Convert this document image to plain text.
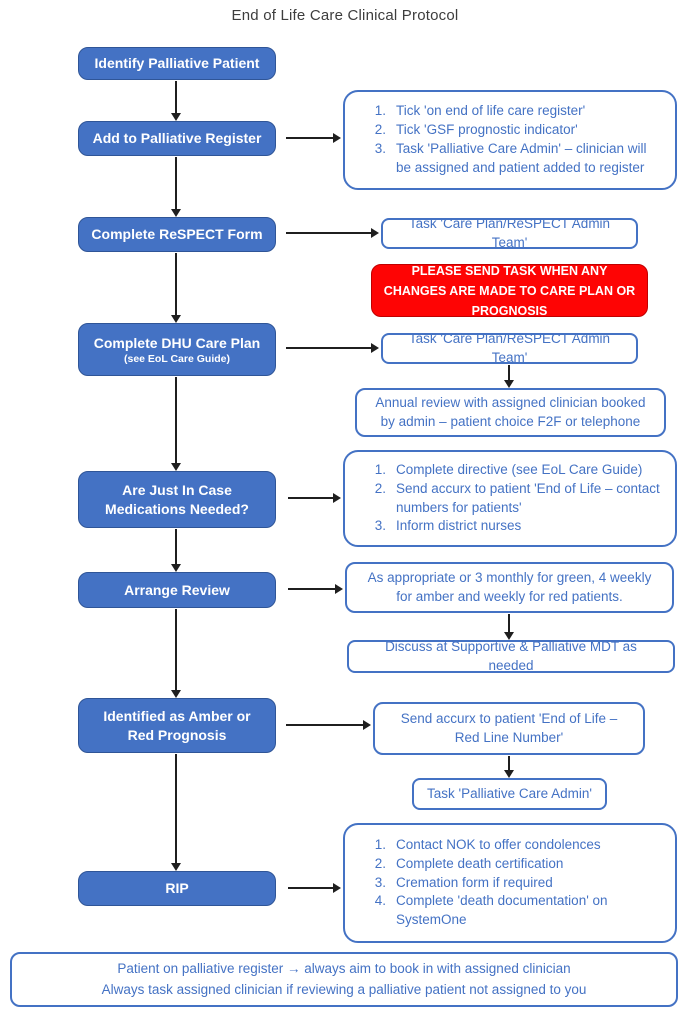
End of Life Care Clinical Protocol
Identify Palliative Patient
Add to Palliative Register
Complete ReSPECT Form
Complete DHU Care Plan
(see EoL Care Guide)
Are Just In Case Medications Needed?
Arrange Review
Identified as Amber or Red Prognosis
RIP
Tick 'on end of life care register'
Tick 'GSF prognostic indicator'
Task 'Palliative Care Admin' – clinician will be assigned and patient added to register
Task 'Care Plan/ReSPECT Admin Team'
PLEASE SEND TASK WHEN ANY CHANGES ARE MADE TO CARE PLAN OR PROGNOSIS
Task 'Care Plan/ReSPECT Admin Team'
Annual review with assigned clinician booked by admin – patient choice F2F or telephone
Complete directive (see EoL Care Guide)
Send accurx to patient 'End of Life – contact numbers for patients'
Inform district nurses
As appropriate or 3 monthly for green, 4 weekly for amber and weekly for red patients.
Discuss at Supportive & Palliative MDT as needed
Send accurx to patient 'End of Life – Red Line Number'
Task 'Palliative Care Admin'
Contact NOK to offer condolences
Complete death certification
Cremation form if required
Complete 'death documentation' on SystemOne
Patient on palliative register → always aim to book in with assigned clinician
Always task assigned clinician if reviewing a palliative patient not assigned to you
